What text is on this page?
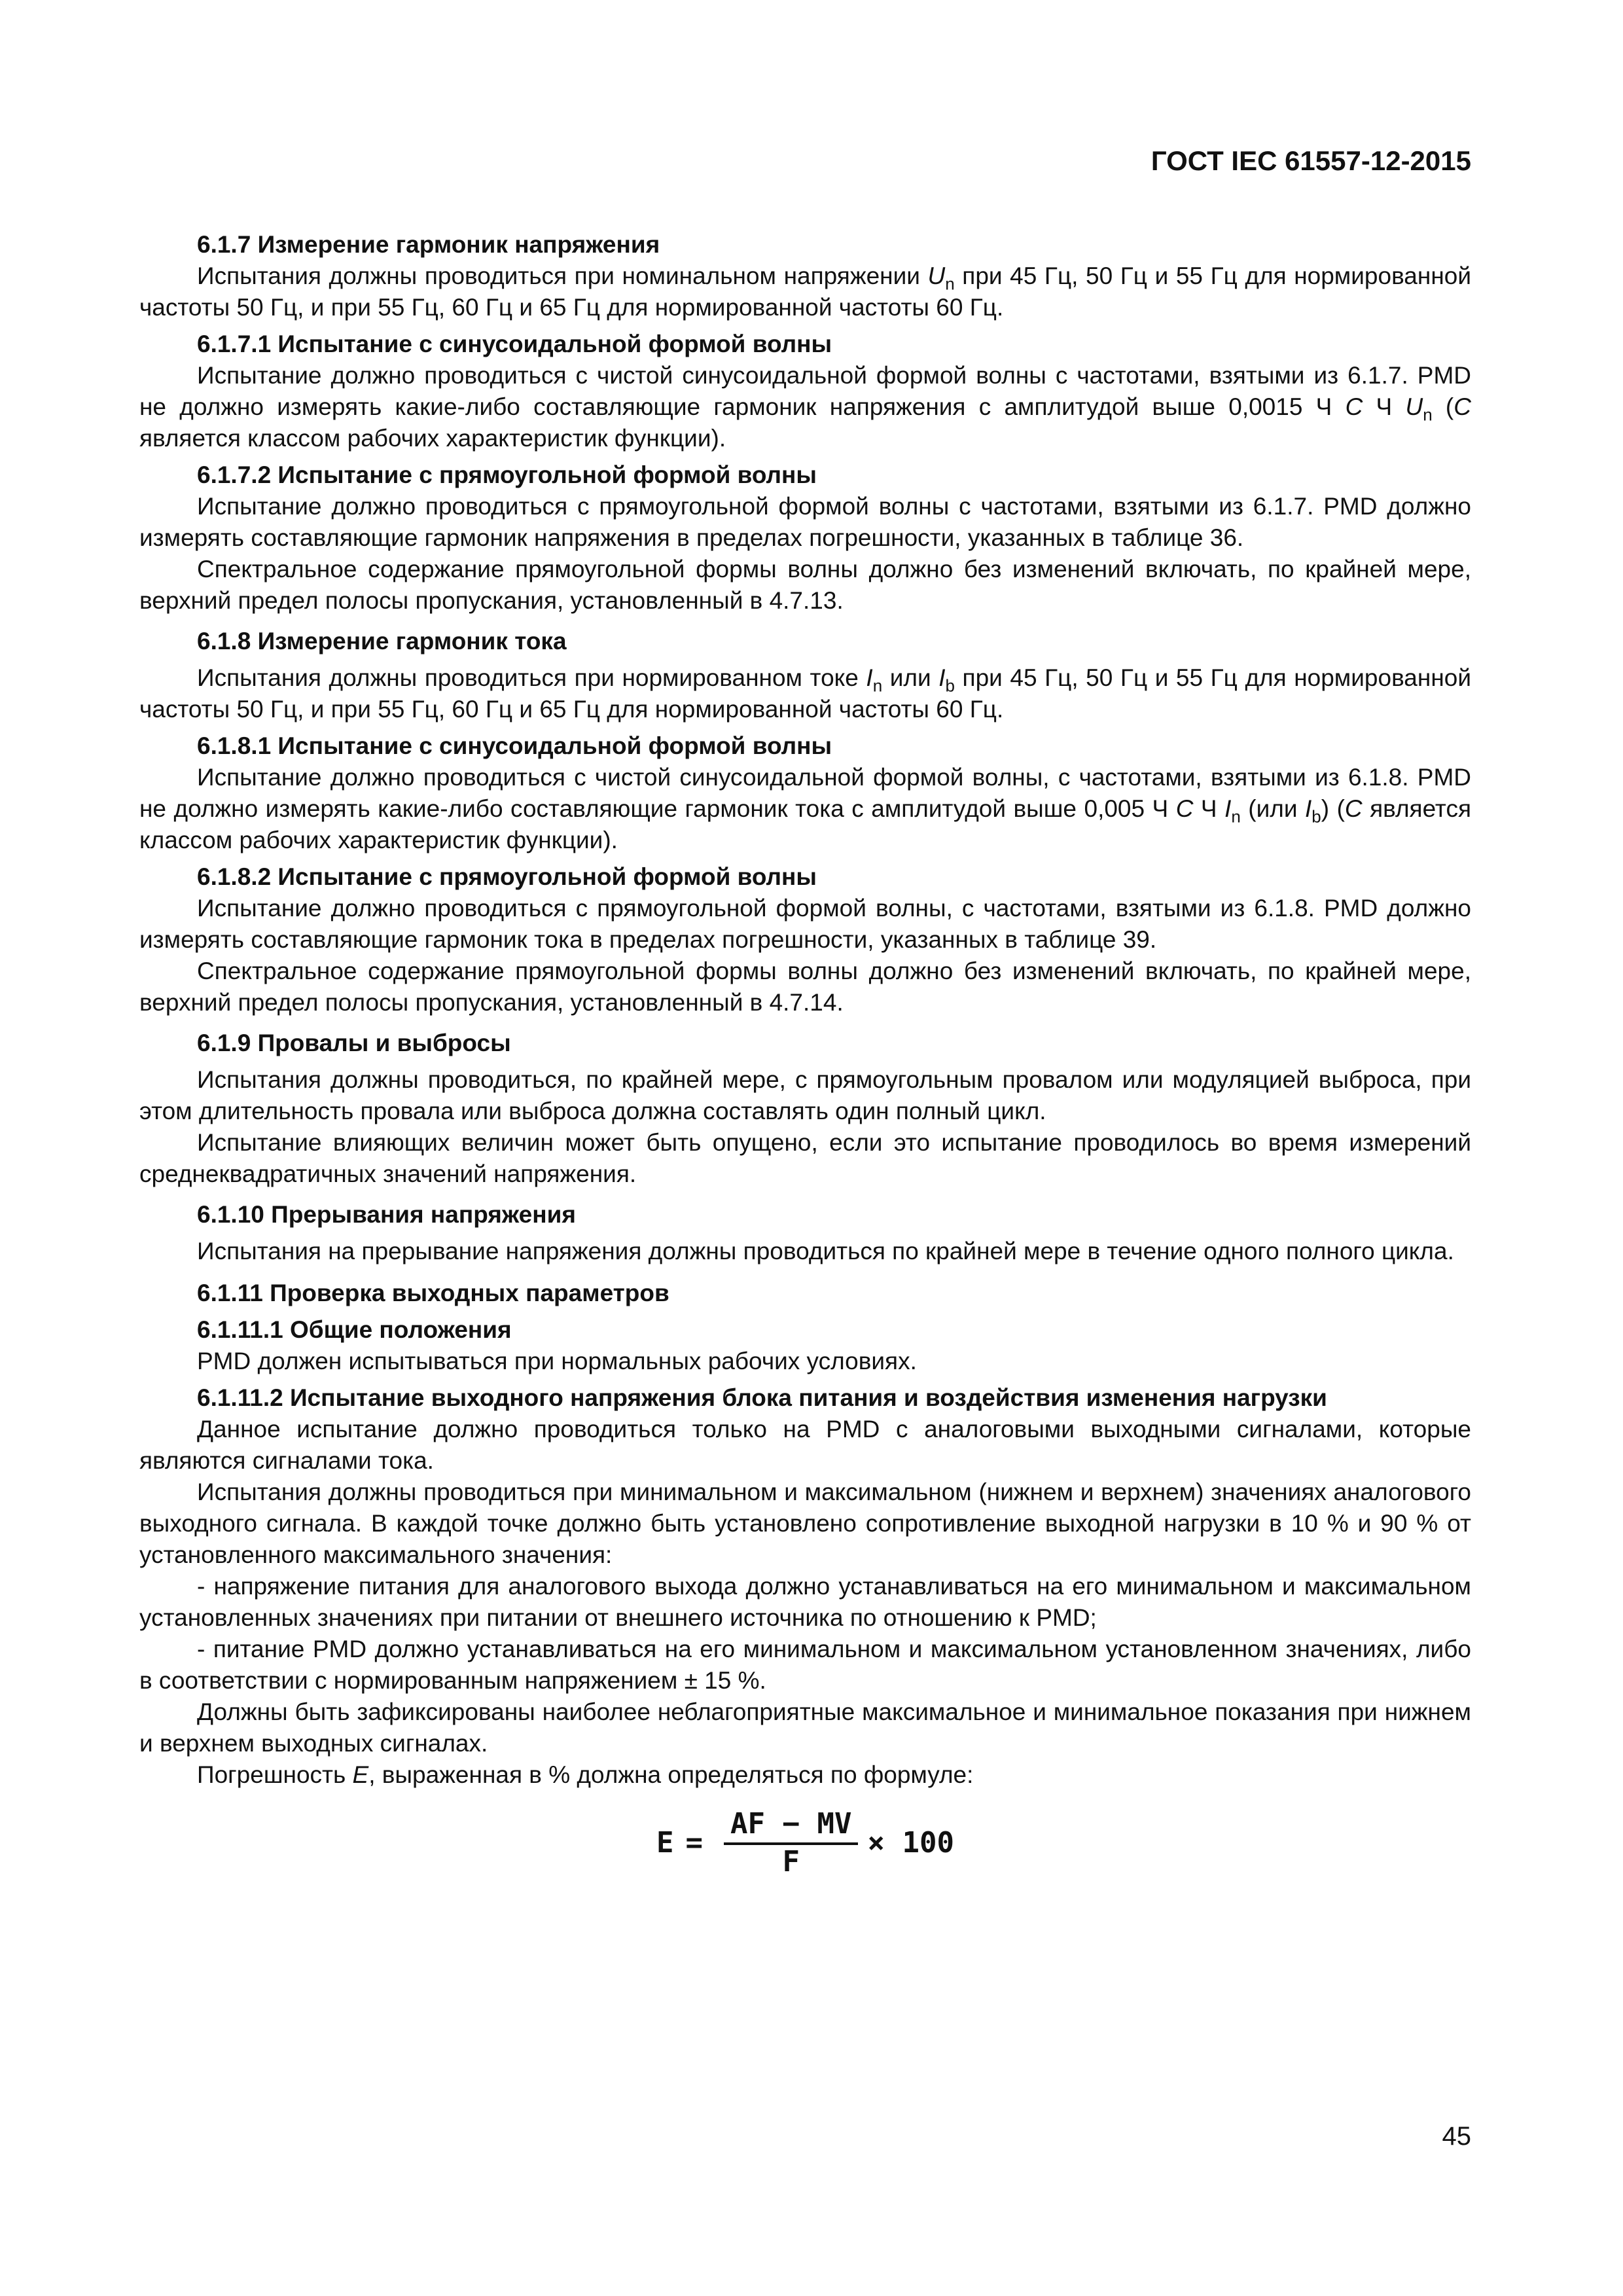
ГОСТ IEC 61557-12-2015

6.1.7 Измерение гармоник напряжения

Испытания должны проводиться при номинальном напряжении $U_n$ при 45 Гц, 50 Гц и 55 Гц для нормированной частоты 50 Гц, и при 55 Гц, 60 Гц и 65 Гц для нормированной частоты 60 Гц.

6.1.7.1 Испытание с синусоидальной формой волны

Испытание должно проводиться с чистой синусоидальной формой волны с частотами, взятыми из 6.1.7. PMD не должно измерять какие-либо составляющие гармоник напряжения с амплитудой выше 0,0015 Ч C Ч $U_n$ (C является классом рабочих характеристик функции).

6.1.7.2 Испытание с прямоугольной формой волны

Испытание должно проводиться с прямоугольной формой волны с частотами, взятыми из 6.1.7. PMD должно измерять составляющие гармоник напряжения в пределах погрешности, указанных в таблице 36.

Спектральное содержание прямоугольной формы волны должно без изменений включать, по крайней мере, верхний предел полосы пропускания, установленный в 4.7.13.

6.1.8 Измерение гармоник тока

Испытания должны проводиться при нормированном токе $I_n$ или $I_b$ при 45 Гц, 50 Гц и 55 Гц для нормированной частоты 50 Гц, и при 55 Гц, 60 Гц и 65 Гц для нормированной частоты 60 Гц.

6.1.8.1 Испытание с синусоидальной формой волны

Испытание должно проводиться с чистой синусоидальной формой волны, с частотами, взятыми из 6.1.8. PMD не должно измерять какие-либо составляющие гармоник тока с амплитудой выше 0,005 Ч C Ч $I_n$ (или $I_b$) (C является классом рабочих характеристик функции).

6.1.8.2 Испытание с прямоугольной формой волны

Испытание должно проводиться с прямоугольной формой волны, с частотами, взятыми из 6.1.8. PMD должно измерять составляющие гармоник тока в пределах погрешности, указанных в таблице 39.

Спектральное содержание прямоугольной формы волны должно без изменений включать, по крайней мере, верхний предел полосы пропускания, установленный в 4.7.14.

6.1.9 Провалы и выбросы

Испытания должны проводиться, по крайней мере, с прямоугольным провалом или модуляцией выброса, при этом длительность провала или выброса должна составлять один полный цикл.

Испытание влияющих величин может быть опущено, если это испытание проводилось во время измерений среднеквадратичных значений напряжения.

6.1.10 Прерывания напряжения

Испытания на прерывание напряжения должны проводиться по крайней мере в течение одного полного цикла.

6.1.11 Проверка выходных параметров

6.1.11.1 Общие положения

PMD должен испытываться при нормальных рабочих условиях.

6.1.11.2 Испытание выходного напряжения блока питания и воздействия изменения нагрузки

Данное испытание должно проводиться только на PMD с аналоговыми выходными сигналами, которые являются сигналами тока.

Испытания должны проводиться при минимальном и максимальном (нижнем и верхнем) значениях аналогового выходного сигнала. В каждой точке должно быть установлено сопротивление выходной нагрузки в 10 % и 90 % от установленного максимального значения:

- напряжение питания для аналогового выхода должно устанавливаться на его минимальном и максимальном установленных значениях при питании от внешнего источника по отношению к PMD;

- питание PMD должно устанавливаться на его минимальном и максимальном установленном значениях, либо в соответствии с нормированным напряжением ± 15 %.

Должны быть зафиксированы наиболее неблагоприятные максимальное и минимальное показания при нижнем и верхнем выходных сигналах.

Погрешность E, выраженная в % должна определяться по формуле:

$E = \frac{AF - MV}{F} \times 100$

45
